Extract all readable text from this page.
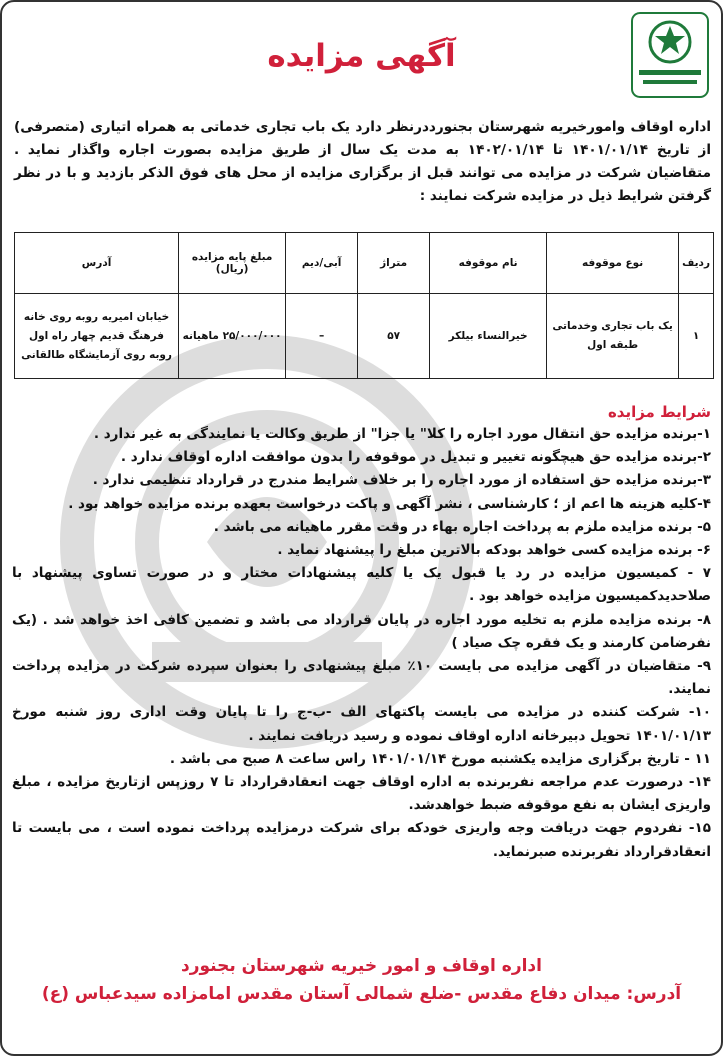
آگهی مزایده
اداره اوقاف وامورخیریه شهرستان بجنوردد‌رنظر دارد یک باب تجاری خدماتی به همراه اتیاری (متصرفی) از تاریخ ۱۴۰۱/۰۱/۱۴ تا ۱۴۰۲/۰۱/۱۴ به مدت یک سال از طریق مزایده بصورت اجاره واگذار نماید . متقاضیان شرکت در مزایده می توانند قبل از برگزاری مزایده از محل های فوق الذکر بازدید و با در نظر گرفتن شرایط ذیل در مزایده شرکت نمایند :
ردیف	نوع موقوفه	نام موقوفه	متراژ	آبی/دیم	مبلغ پایه مزایده (ریال)	آدرس
۱	یک باب تجاری وخدماتی طبقه اول	خیرالنساء بیلکر	۵۷	–	۲۵/۰۰۰/۰۰۰ ماهیانه	خیابان امیریه روبه روی خانه فرهنگ قدیم چهار راه اول روبه روی آزمایشگاه طالقانی
شرایط مزایده
۱-برنده مزایده حق انتقال مورد اجاره را کلا" یا جزا" از طریق وکالت یا نمایندگی به غیر ندارد .
۲-برنده مزایده حق هیچگونه تغییر و تبدیل در موقوفه را بدون موافقت اداره اوقاف ندارد .
۳-برنده مزایده حق استفاده از مورد اجاره را بر خلاف شرایط مندرج در قرارداد تنظیمی ندارد .
۴-کلیه هزینه ها اعم از ؛ کارشناسی ، نشر آگهی و پاکت درخواست بعهده برنده مزایده خواهد بود .
۵- برنده مزایده ملزم به پرداخت اجاره بهاء در وقت مقرر ماهیانه می باشد .
۶- برنده مزایده کسی خواهد بودکه بالاترین مبلغ را پیشنهاد نماید .
۷ - کمیسیون مزایده در رد یا قبول یک یا کلیه پیشنهادات مختار و در صورت تساوی پیشنهاد با صلاحدیدکمیسیون مزایده خواهد بود .
۸- برنده مزایده ملزم به تخلیه مورد اجاره در پایان قرارداد می باشد و تضمین کافی اخذ خواهد شد . (یک نفرضامن کارمند و یک فقره چک صیاد )
۹- متقاضیان در آگهی مزایده می بایست ۱۰٪ مبلغ پیشنهادی را بعنوان سپرده شرکت در مزایده پرداخت نمایند.
۱۰- شرکت کننده در مزایده می بایست پاکتهای الف -ب-ج را تا پایان وقت اداری روز شنبه مورخ ۱۴۰۱/۰۱/۱۳ تحویل دبیرخانه اداره اوقاف نموده و رسید دریافت نمایند .
۱۱ - تاریخ برگزاری مزایده یکشنبه مورخ ۱۴۰۱/۰۱/۱۴ راس ساعت ۸ صبح می باشد .
۱۴- درصورت عدم مراجعه نفربرنده به اداره اوقاف جهت انعقادقرارداد تا ۷ روزپس ازتاریخ مزایده ، مبلغ واریزی ایشان به نفع موقوفه ضبط خواهدشد.
۱۵- نفردوم جهت دریافت وجه واریزی خودکه برای شرکت درمزایده پرداخت نموده است ، می بایست تا انعقادقرارداد نفربرنده صبرنماید.
اداره اوقاف و امور خیریه شهرستان بجنورد
آدرس: میدان دفاع مقدس -ضلع شمالی آستان مقدس امامزاده سیدعباس (ع)
